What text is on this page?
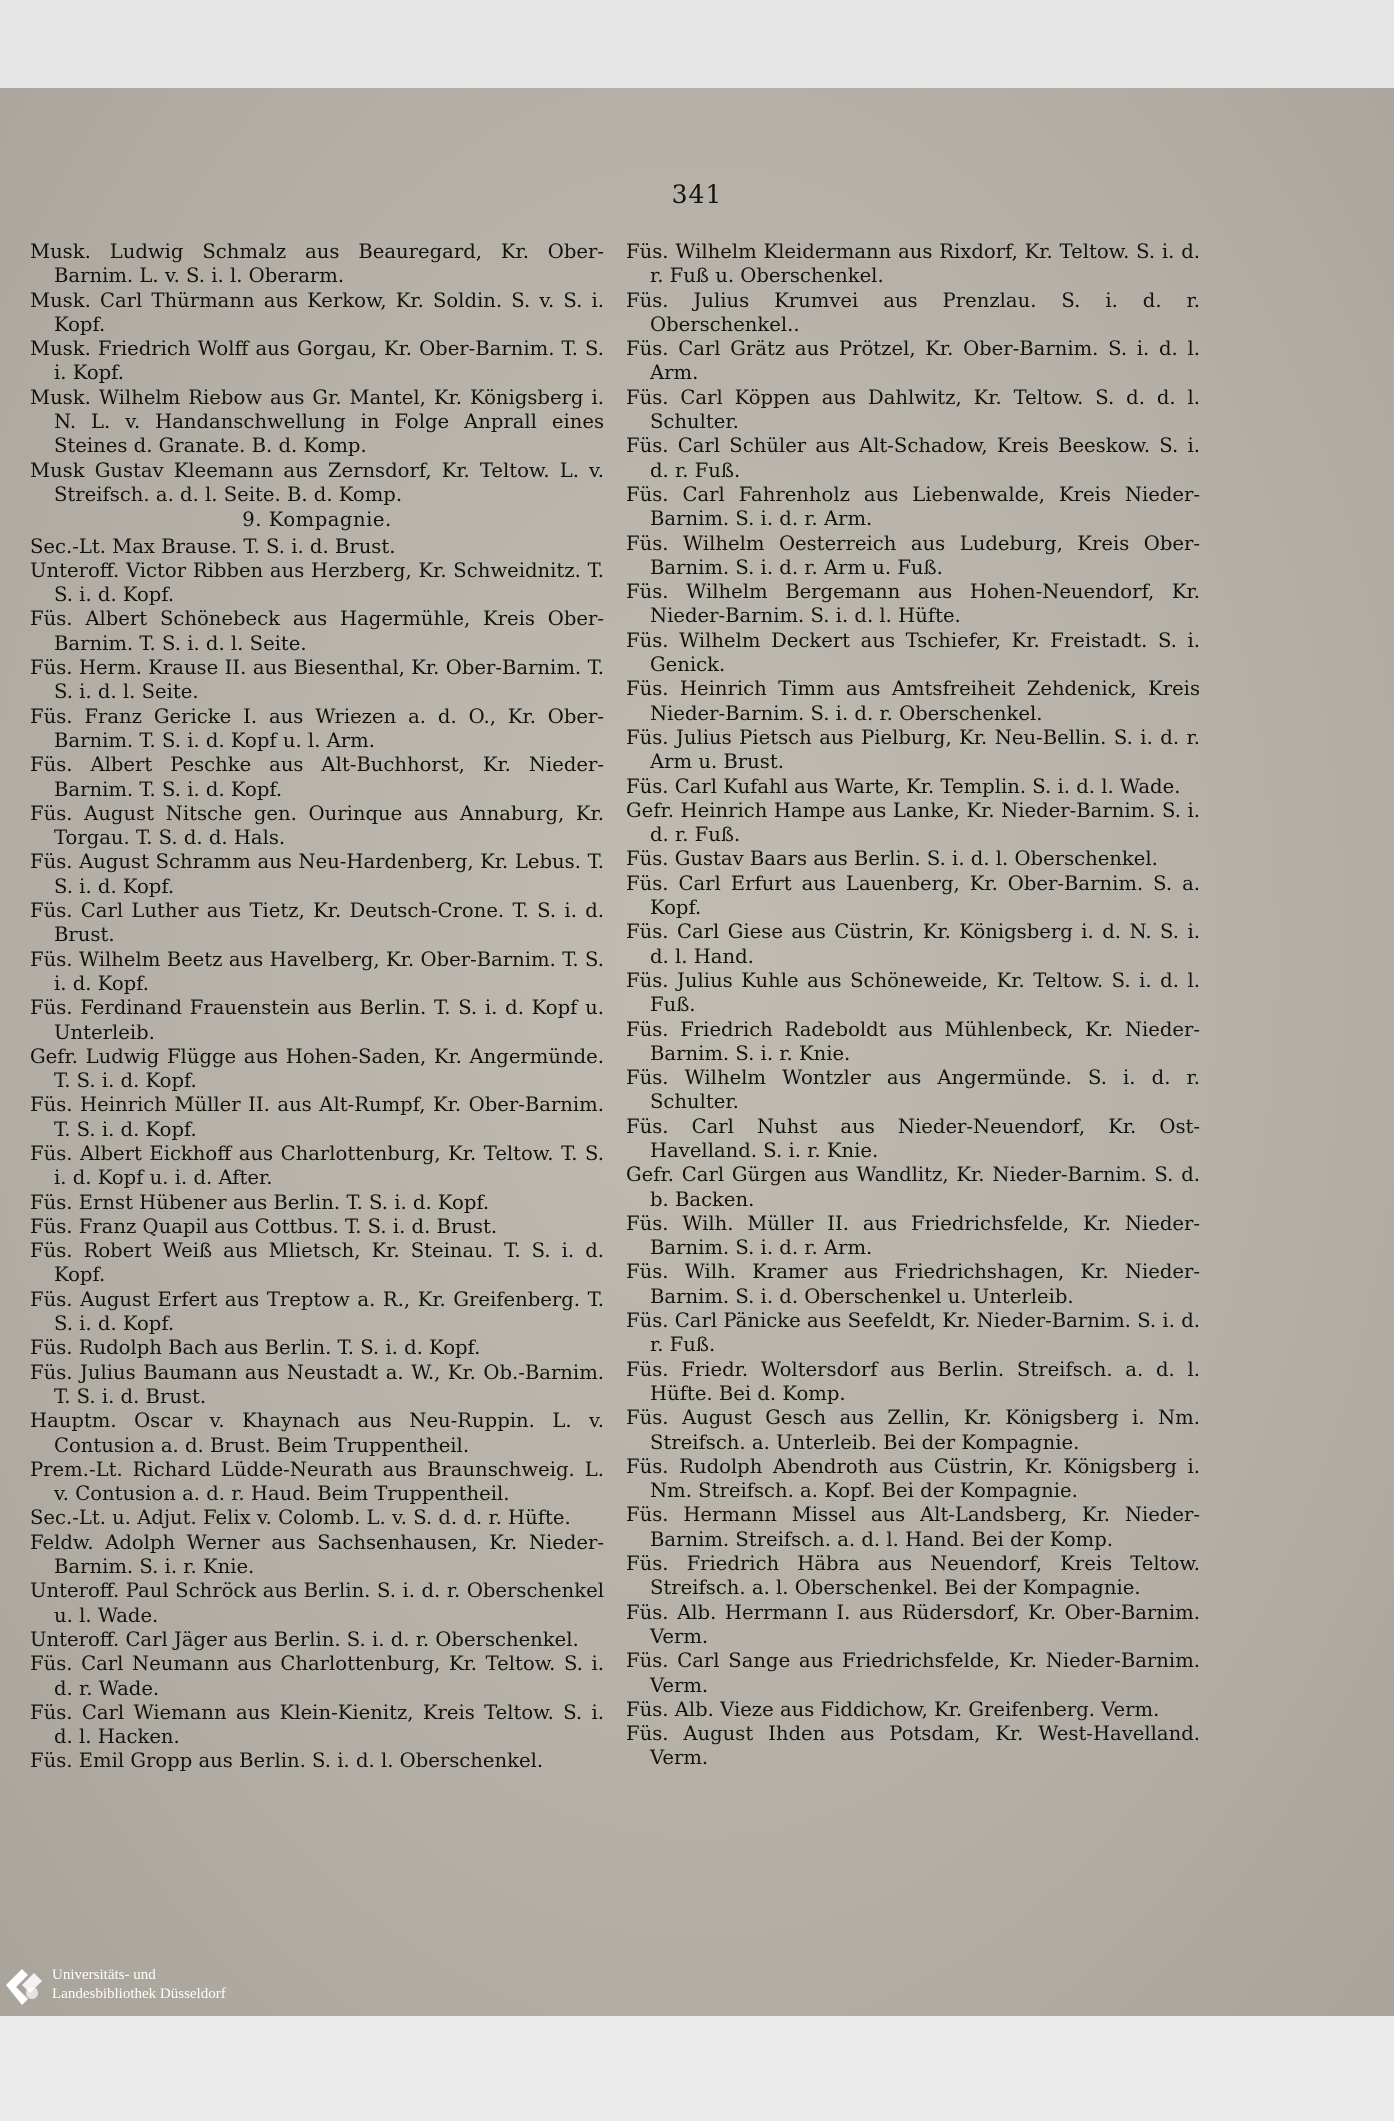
341
Musk. Ludwig Schmalz aus Beauregard, Kr. Ober-Barnim. L. v. S. i. l. Oberarm.
Musk. Carl Thürmann aus Kerkow, Kr. Soldin. S. v. S. i. Kopf.
Musk. Friedrich Wolff aus Gorgau, Kr. Ober-Barnim. T. S. i. Kopf.
Musk. Wilhelm Riebow aus Gr. Mantel, Kr. Königsberg i. N. L. v. Handanschwellung in Folge Anprall eines Steines d. Granate. B. d. Komp.
Musk Gustav Kleemann aus Zernsdorf, Kr. Teltow. L. v. Streifsch. a. d. l. Seite. B. d. Komp.
9. Kompagnie.
Sec.-Lt. Max Brause. T. S. i. d. Brust.
Unteroff. Victor Ribben aus Herzberg, Kr. Schweidnitz. T. S. i. d. Kopf.
Füs. Albert Schönebeck aus Hagermühle, Kreis Ober-Barnim. T. S. i. d. l. Seite.
Füs. Herm. Krause II. aus Biesenthal, Kr. Ober-Barnim. T. S. i. d. l. Seite.
Füs. Franz Gericke I. aus Wriezen a. d. O., Kr. Ober-Barnim. T. S. i. d. Kopf u. l. Arm.
Füs. Albert Peschke aus Alt-Buchhorst, Kr. Nieder-Barnim. T. S. i. d. Kopf.
Füs. August Nitsche gen. Ourinque aus Annaburg, Kr. Torgau. T. S. d. d. Hals.
Füs. August Schramm aus Neu-Hardenberg, Kr. Lebus. T. S. i. d. Kopf.
Füs. Carl Luther aus Tietz, Kr. Deutsch-Crone. T. S. i. d. Brust.
Füs. Wilhelm Beetz aus Havelberg, Kr. Ober-Barnim. T. S. i. d. Kopf.
Füs. Ferdinand Frauenstein aus Berlin. T. S. i. d. Kopf u. Unterleib.
Gefr. Ludwig Flügge aus Hohen-Saden, Kr. Angermünde. T. S. i. d. Kopf.
Füs. Heinrich Müller II. aus Alt-Rumpf, Kr. Ober-Barnim. T. S. i. d. Kopf.
Füs. Albert Eickhoff aus Charlottenburg, Kr. Teltow. T. S. i. d. Kopf u. i. d. After.
Füs. Ernst Hübener aus Berlin. T. S. i. d. Kopf.
Füs. Franz Quapil aus Cottbus. T. S. i. d. Brust.
Füs. Robert Weiß aus Mlietsch, Kr. Steinau. T. S. i. d. Kopf.
Füs. August Erfert aus Treptow a. R., Kr. Greifenberg. T. S. i. d. Kopf.
Füs. Rudolph Bach aus Berlin. T. S. i. d. Kopf.
Füs. Julius Baumann aus Neustadt a. W., Kr. Ob.-Barnim. T. S. i. d. Brust.
Hauptm. Oscar v. Khaynach aus Neu-Ruppin. L. v. Contusion a. d. Brust. Beim Truppentheil.
Prem.-Lt. Richard Lüdde-Neurath aus Braunschweig. L. v. Contusion a. d. r. Haud. Beim Truppentheil.
Sec.-Lt. u. Adjut. Felix v. Colomb. L. v. S. d. d. r. Hüfte.
Feldw. Adolph Werner aus Sachsenhausen, Kr. Nieder-Barnim. S. i. r. Knie.
Unteroff. Paul Schröck aus Berlin. S. i. d. r. Oberschenkel u. l. Wade.
Unteroff. Carl Jäger aus Berlin. S. i. d. r. Oberschenkel.
Füs. Carl Neumann aus Charlottenburg, Kr. Teltow. S. i. d. r. Wade.
Füs. Carl Wiemann aus Klein-Kienitz, Kreis Teltow. S. i. d. l. Hacken.
Füs. Emil Gropp aus Berlin. S. i. d. l. Oberschenkel.
Füs. Wilhelm Kleidermann aus Rixdorf, Kr. Teltow. S. i. d. r. Fuß u. Oberschenkel.
Füs. Julius Krumvei aus Prenzlau. S. i. d. r. Oberschenkel..
Füs. Carl Grätz aus Prötzel, Kr. Ober-Barnim. S. i. d. l. Arm.
Füs. Carl Köppen aus Dahlwitz, Kr. Teltow. S. d. d. l. Schulter.
Füs. Carl Schüler aus Alt-Schadow, Kreis Beeskow. S. i. d. r. Fuß.
Füs. Carl Fahrenholz aus Liebenwalde, Kreis Nieder-Barnim. S. i. d. r. Arm.
Füs. Wilhelm Oesterreich aus Ludeburg, Kreis Ober-Barnim. S. i. d. r. Arm u. Fuß.
Füs. Wilhelm Bergemann aus Hohen-Neuendorf, Kr. Nieder-Barnim. S. i. d. l. Hüfte.
Füs. Wilhelm Deckert aus Tschiefer, Kr. Freistadt. S. i. Genick.
Füs. Heinrich Timm aus Amtsfreiheit Zehdenick, Kreis Nieder-Barnim. S. i. d. r. Oberschenkel.
Füs. Julius Pietsch aus Pielburg, Kr. Neu-Bellin. S. i. d. r. Arm u. Brust.
Füs. Carl Kufahl aus Warte, Kr. Templin. S. i. d. l. Wade.
Gefr. Heinrich Hampe aus Lanke, Kr. Nieder-Barnim. S. i. d. r. Fuß.
Füs. Gustav Baars aus Berlin. S. i. d. l. Oberschenkel.
Füs. Carl Erfurt aus Lauenberg, Kr. Ober-Barnim. S. a. Kopf.
Füs. Carl Giese aus Cüstrin, Kr. Königsberg i. d. N. S. i. d. l. Hand.
Füs. Julius Kuhle aus Schöneweide, Kr. Teltow. S. i. d. l. Fuß.
Füs. Friedrich Radeboldt aus Mühlenbeck, Kr. Nieder-Barnim. S. i. r. Knie.
Füs. Wilhelm Wontzler aus Angermünde. S. i. d. r. Schulter.
Füs. Carl Nuhst aus Nieder-Neuendorf, Kr. Ost-Havelland. S. i. r. Knie.
Gefr. Carl Gürgen aus Wandlitz, Kr. Nieder-Barnim. S. d. b. Backen.
Füs. Wilh. Müller II. aus Friedrichsfelde, Kr. Nieder-Barnim. S. i. d. r. Arm.
Füs. Wilh. Kramer aus Friedrichshagen, Kr. Nieder-Barnim. S. i. d. Oberschenkel u. Unterleib.
Füs. Carl Pänicke aus Seefeldt, Kr. Nieder-Barnim. S. i. d. r. Fuß.
Füs. Friedr. Woltersdorf aus Berlin. Streifsch. a. d. l. Hüfte. Bei d. Komp.
Füs. August Gesch aus Zellin, Kr. Königsberg i. Nm. Streifsch. a. Unterleib. Bei der Kompagnie.
Füs. Rudolph Abendroth aus Cüstrin, Kr. Königsberg i. Nm. Streifsch. a. Kopf. Bei der Kompagnie.
Füs. Hermann Missel aus Alt-Landsberg, Kr. Nieder-Barnim. Streifsch. a. d. l. Hand. Bei der Komp.
Füs. Friedrich Häbra aus Neuendorf, Kreis Teltow. Streifsch. a. l. Oberschenkel. Bei der Kompagnie.
Füs. Alb. Herrmann I. aus Rüdersdorf, Kr. Ober-Barnim. Verm.
Füs. Carl Sange aus Friedrichsfelde, Kr. Nieder-Barnim. Verm.
Füs. Alb. Vieze aus Fiddichow, Kr. Greifenberg. Verm.
Füs. August Ihden aus Potsdam, Kr. West-Havelland. Verm.
Universitäts- und
Landesbibliothek Düsseldorf
